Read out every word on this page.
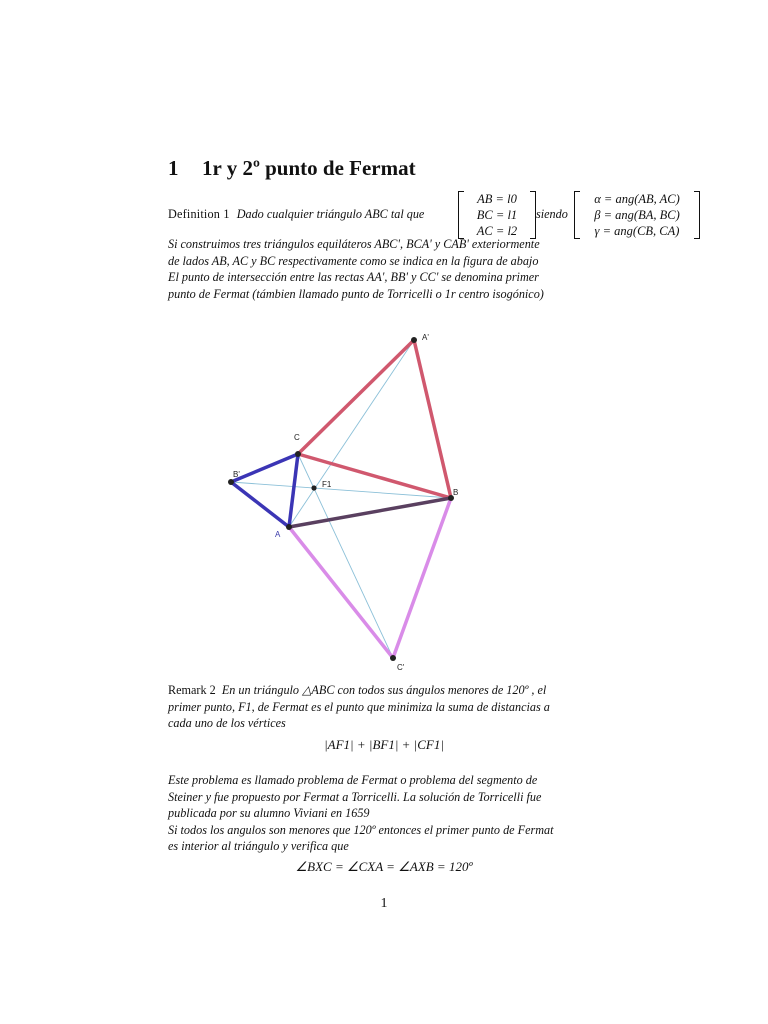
1 1r y 2º punto de Fermat
Definition 1 Dado cualquier triángulo ABC tal que
AB = l0
BC = l1
AC = l2
siendo
α = ang(AB, AC)
β = ang(BA, BC)
γ = ang(CB, CA)
Si construimos tres triángulos equiláteros ABC', BCA' y CAB' exteriormente
de lados AB, AC y BC respectivamente como se indica en la figura de abajo
El punto de intersección entre las rectas AA', BB' y CC' se denomina primer
punto de Fermat (támbien llamado punto de Torricelli o 1r centro isogónico)
A'
C
B'
F1
B
A
C'
Remark 2 En un triángulo △ABC con todos sus ángulos menores de 120º , el
primer punto, F1, de Fermat es el punto que minimiza la suma de distancias a
cada uno de los vértices
|AF1| + |BF1| + |CF1|
Este problema es llamado problema de Fermat o problema del segmento de
Steiner y fue propuesto por Fermat a Torricelli. La solución de Torricelli fue
publicada por su alumno Viviani en 1659
Si todos los angulos son menores que 120º entonces el primer punto de Fermat
es interior al triángulo y verifica que
∠BXC = ∠CXA = ∠AXB = 120º
1
